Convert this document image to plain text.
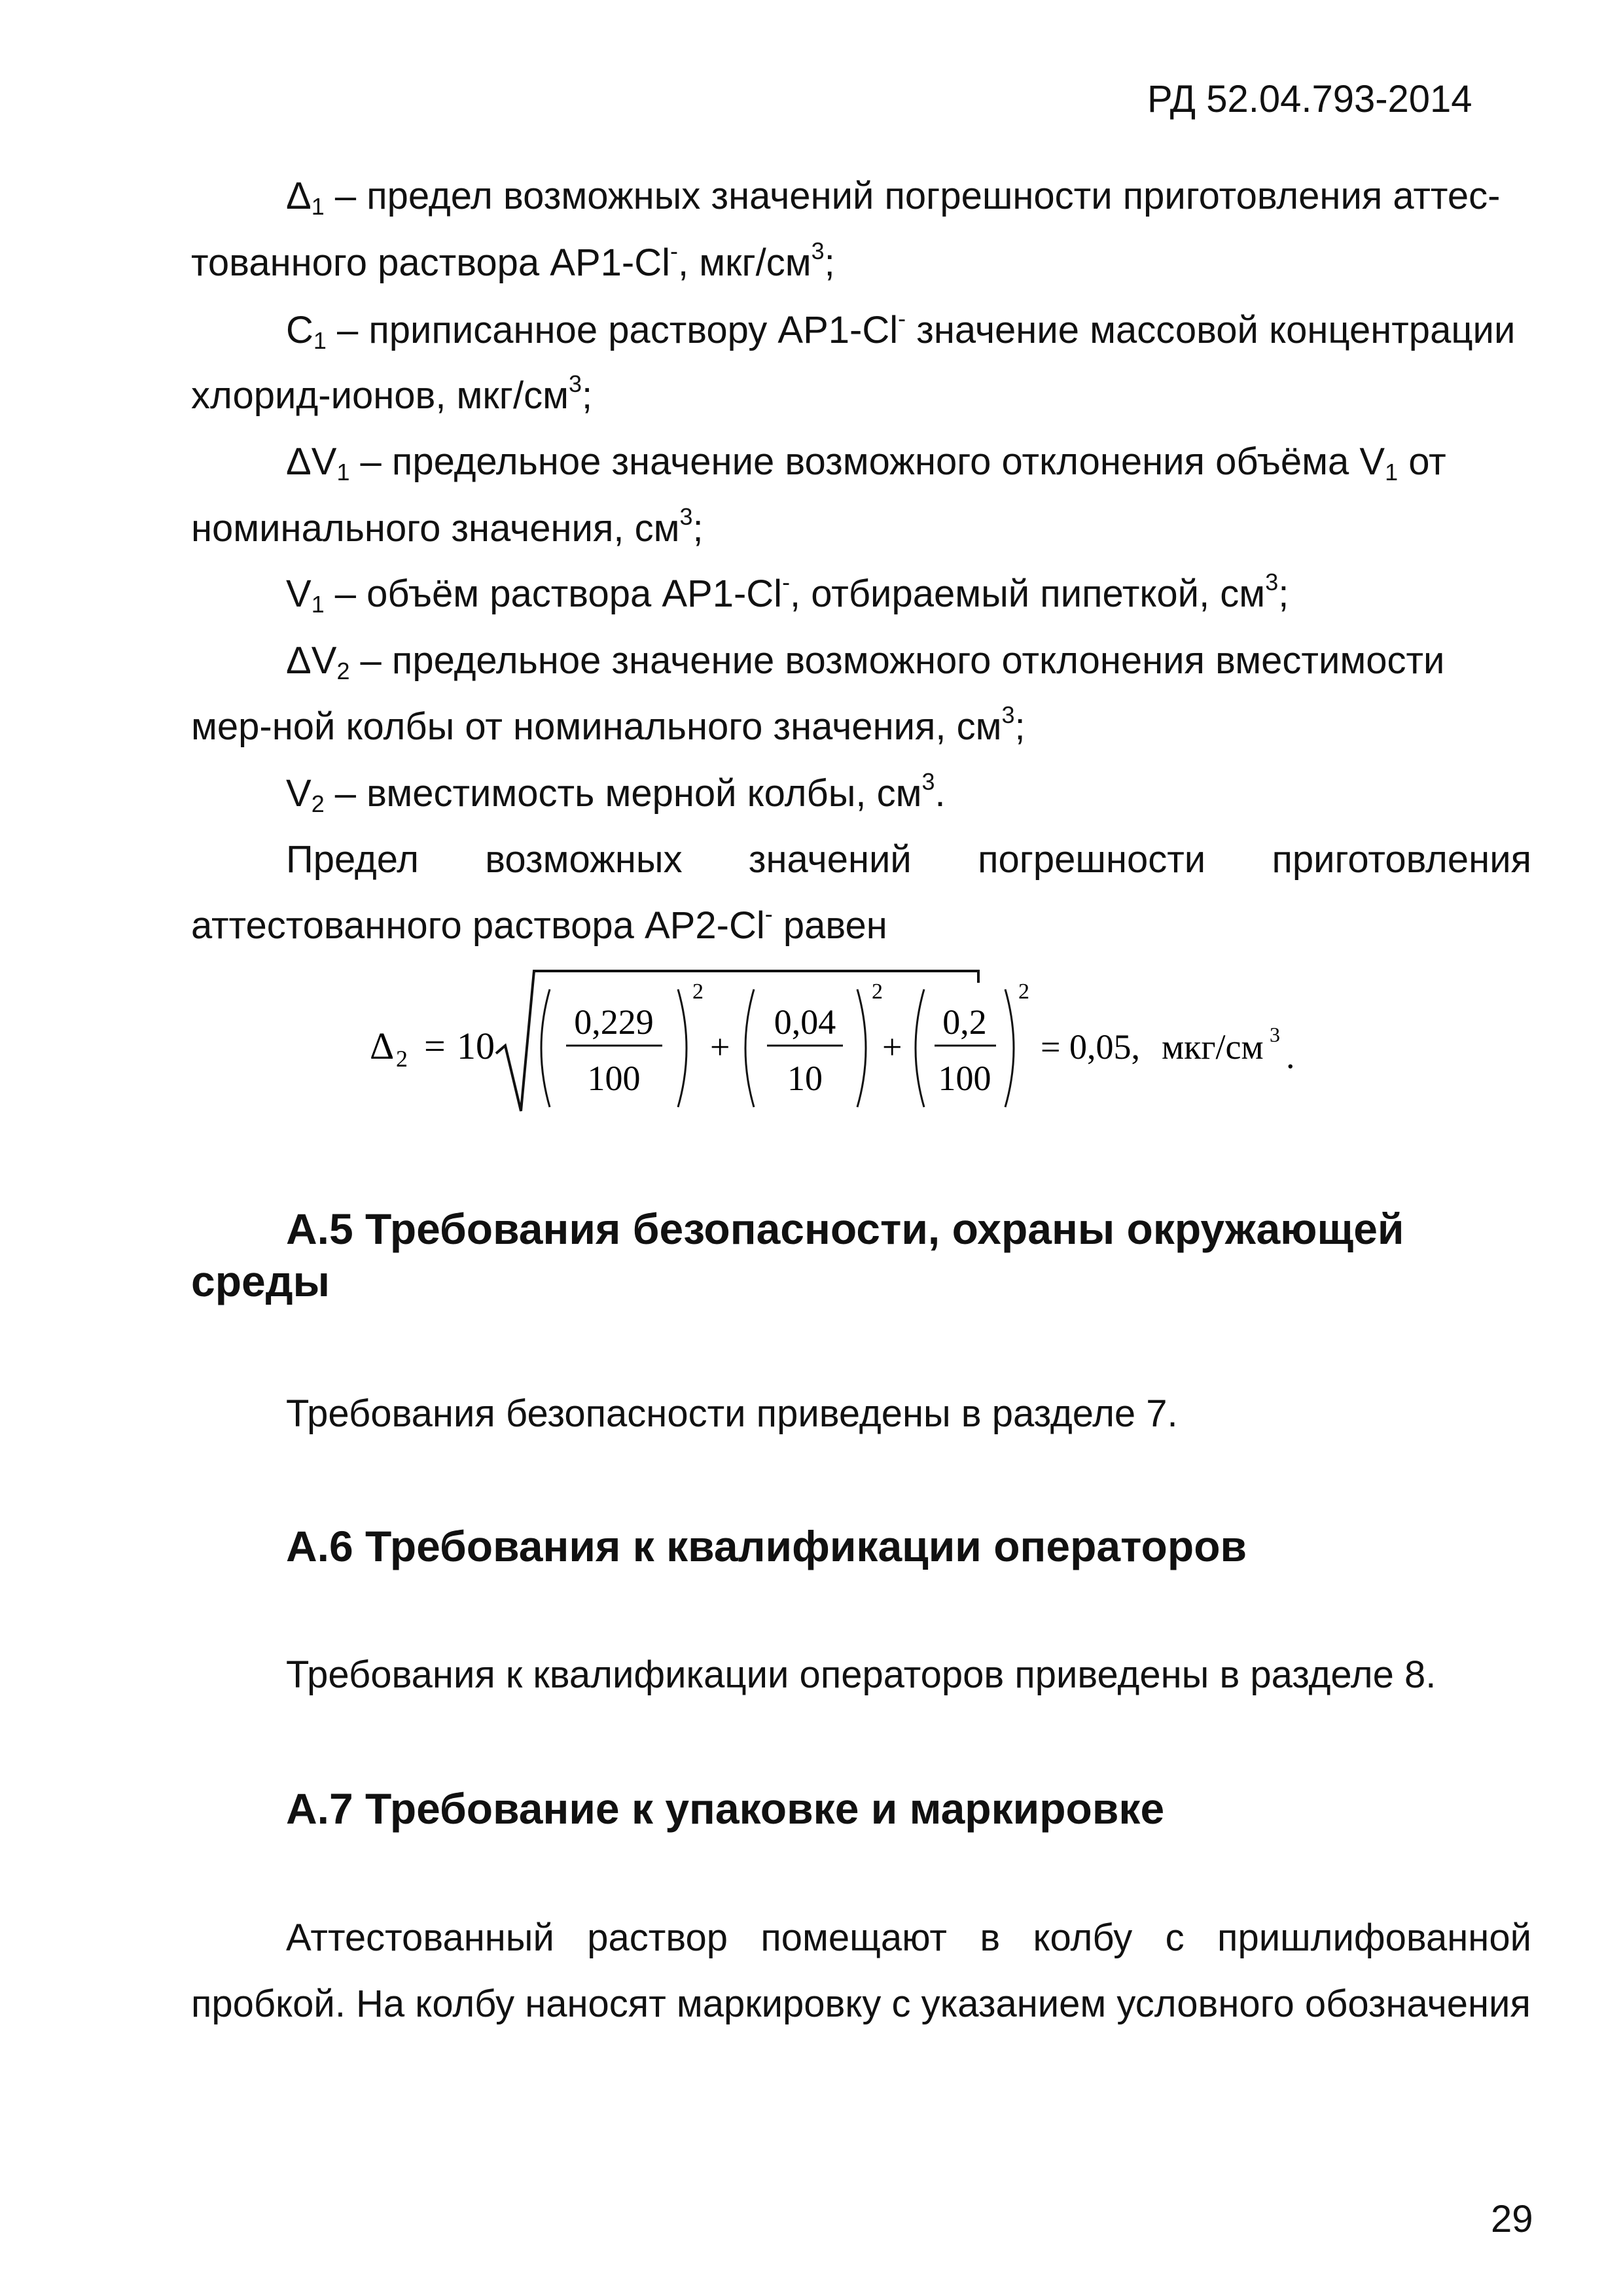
РД 52.04.793-2014
$\Delta_1$ – предел возможных значений погрешности приготовления аттес-
тованного раствора АР1-Cl-, мкг/$см^3$;
$C_1$ – приписанное раствору АР1-Cl- значение массовой концентрации
хлорид-ионов, мкг/$см^3$;
$\Delta V_1$ – предельное значение возможного отклонения объёма $V_1$ от
номинального значения, $см^3$;
$V_1$ – объём раствора АР1-Cl-, отбираемый пипеткой, $см^3$;
$\Delta V_2$ – предельное значение возможного отклонения вместимости
мер-ной колбы от номинального значения, $см^3$;
$V_2$ – вместимость мерной колбы, $см^3$.
Предел возможных значений погрешности приготовления
аттестованного раствора АР2-Cl- равен
Δ 2 = 10
0,229
100
2
+
0,04
10
2
+
0,2
100
2
= 0,05, мкг/см 3
.
А.5 Требования безопасности, охраны окружающей
среды
Требования безопасности приведены в разделе 7.
А.6 Требования к квалификации операторов
Требования к квалификации операторов приведены в разделе 8.
А.7 Требование к упаковке и маркировке
Аттестованный раствор помещают в колбу с пришлифованной
пробкой. На колбу наносят маркировку с указанием условного обозначения
29
